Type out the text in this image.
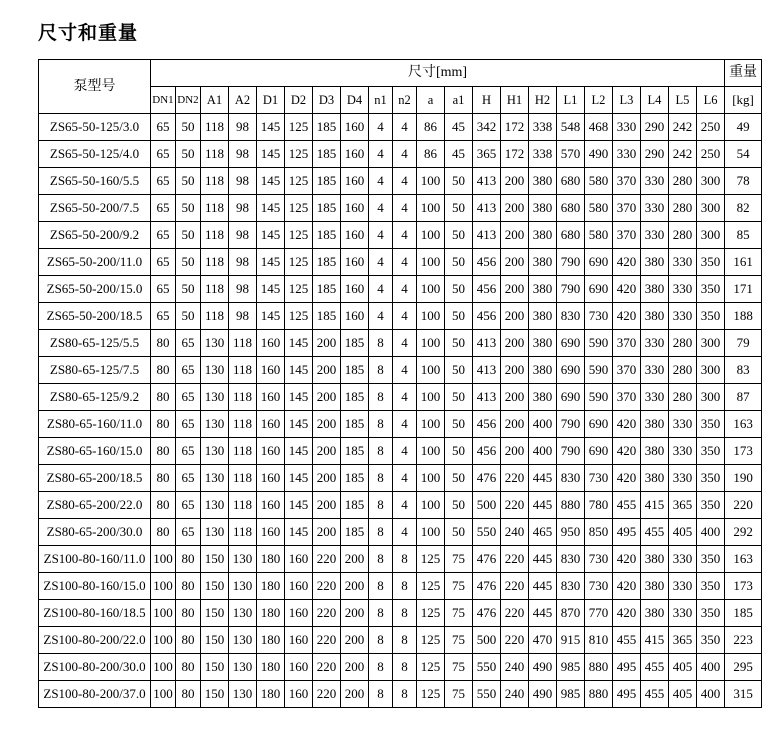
尺寸和重量
泵型号	尺寸[mm]																					重量
	DN1	DN2	A1	A2	D1	D2	D3	D4	n1	n2	a	a1	H	H1	H2	L1	L2	L3	L4	L5	L6	[kg]
ZS65-50-125/3.0	65	50	118	98	145	125	185	160	4	4	86	45	342	172	338	548	468	330	290	242	250	49
ZS65-50-125/4.0	65	50	118	98	145	125	185	160	4	4	86	45	365	172	338	570	490	330	290	242	250	54
ZS65-50-160/5.5	65	50	118	98	145	125	185	160	4	4	100	50	413	200	380	680	580	370	330	280	300	78
ZS65-50-200/7.5	65	50	118	98	145	125	185	160	4	4	100	50	413	200	380	680	580	370	330	280	300	82
ZS65-50-200/9.2	65	50	118	98	145	125	185	160	4	4	100	50	413	200	380	680	580	370	330	280	300	85
ZS65-50-200/11.0	65	50	118	98	145	125	185	160	4	4	100	50	456	200	380	790	690	420	380	330	350	161
ZS65-50-200/15.0	65	50	118	98	145	125	185	160	4	4	100	50	456	200	380	790	690	420	380	330	350	171
ZS65-50-200/18.5	65	50	118	98	145	125	185	160	4	4	100	50	456	200	380	830	730	420	380	330	350	188
ZS80-65-125/5.5	80	65	130	118	160	145	200	185	8	4	100	50	413	200	380	690	590	370	330	280	300	79
ZS80-65-125/7.5	80	65	130	118	160	145	200	185	8	4	100	50	413	200	380	690	590	370	330	280	300	83
ZS80-65-125/9.2	80	65	130	118	160	145	200	185	8	4	100	50	413	200	380	690	590	370	330	280	300	87
ZS80-65-160/11.0	80	65	130	118	160	145	200	185	8	4	100	50	456	200	400	790	690	420	380	330	350	163
ZS80-65-160/15.0	80	65	130	118	160	145	200	185	8	4	100	50	456	200	400	790	690	420	380	330	350	173
ZS80-65-200/18.5	80	65	130	118	160	145	200	185	8	4	100	50	476	220	445	830	730	420	380	330	350	190
ZS80-65-200/22.0	80	65	130	118	160	145	200	185	8	4	100	50	500	220	445	880	780	455	415	365	350	220
ZS80-65-200/30.0	80	65	130	118	160	145	200	185	8	4	100	50	550	240	465	950	850	495	455	405	400	292
ZS100-80-160/11.0	100	80	150	130	180	160	220	200	8	8	125	75	476	220	445	830	730	420	380	330	350	163
ZS100-80-160/15.0	100	80	150	130	180	160	220	200	8	8	125	75	476	220	445	830	730	420	380	330	350	173
ZS100-80-160/18.5	100	80	150	130	180	160	220	200	8	8	125	75	476	220	445	870	770	420	380	330	350	185
ZS100-80-200/22.0	100	80	150	130	180	160	220	200	8	8	125	75	500	220	470	915	810	455	415	365	350	223
ZS100-80-200/30.0	100	80	150	130	180	160	220	200	8	8	125	75	550	240	490	985	880	495	455	405	400	295
ZS100-80-200/37.0	100	80	150	130	180	160	220	200	8	8	125	75	550	240	490	985	880	495	455	405	400	315
